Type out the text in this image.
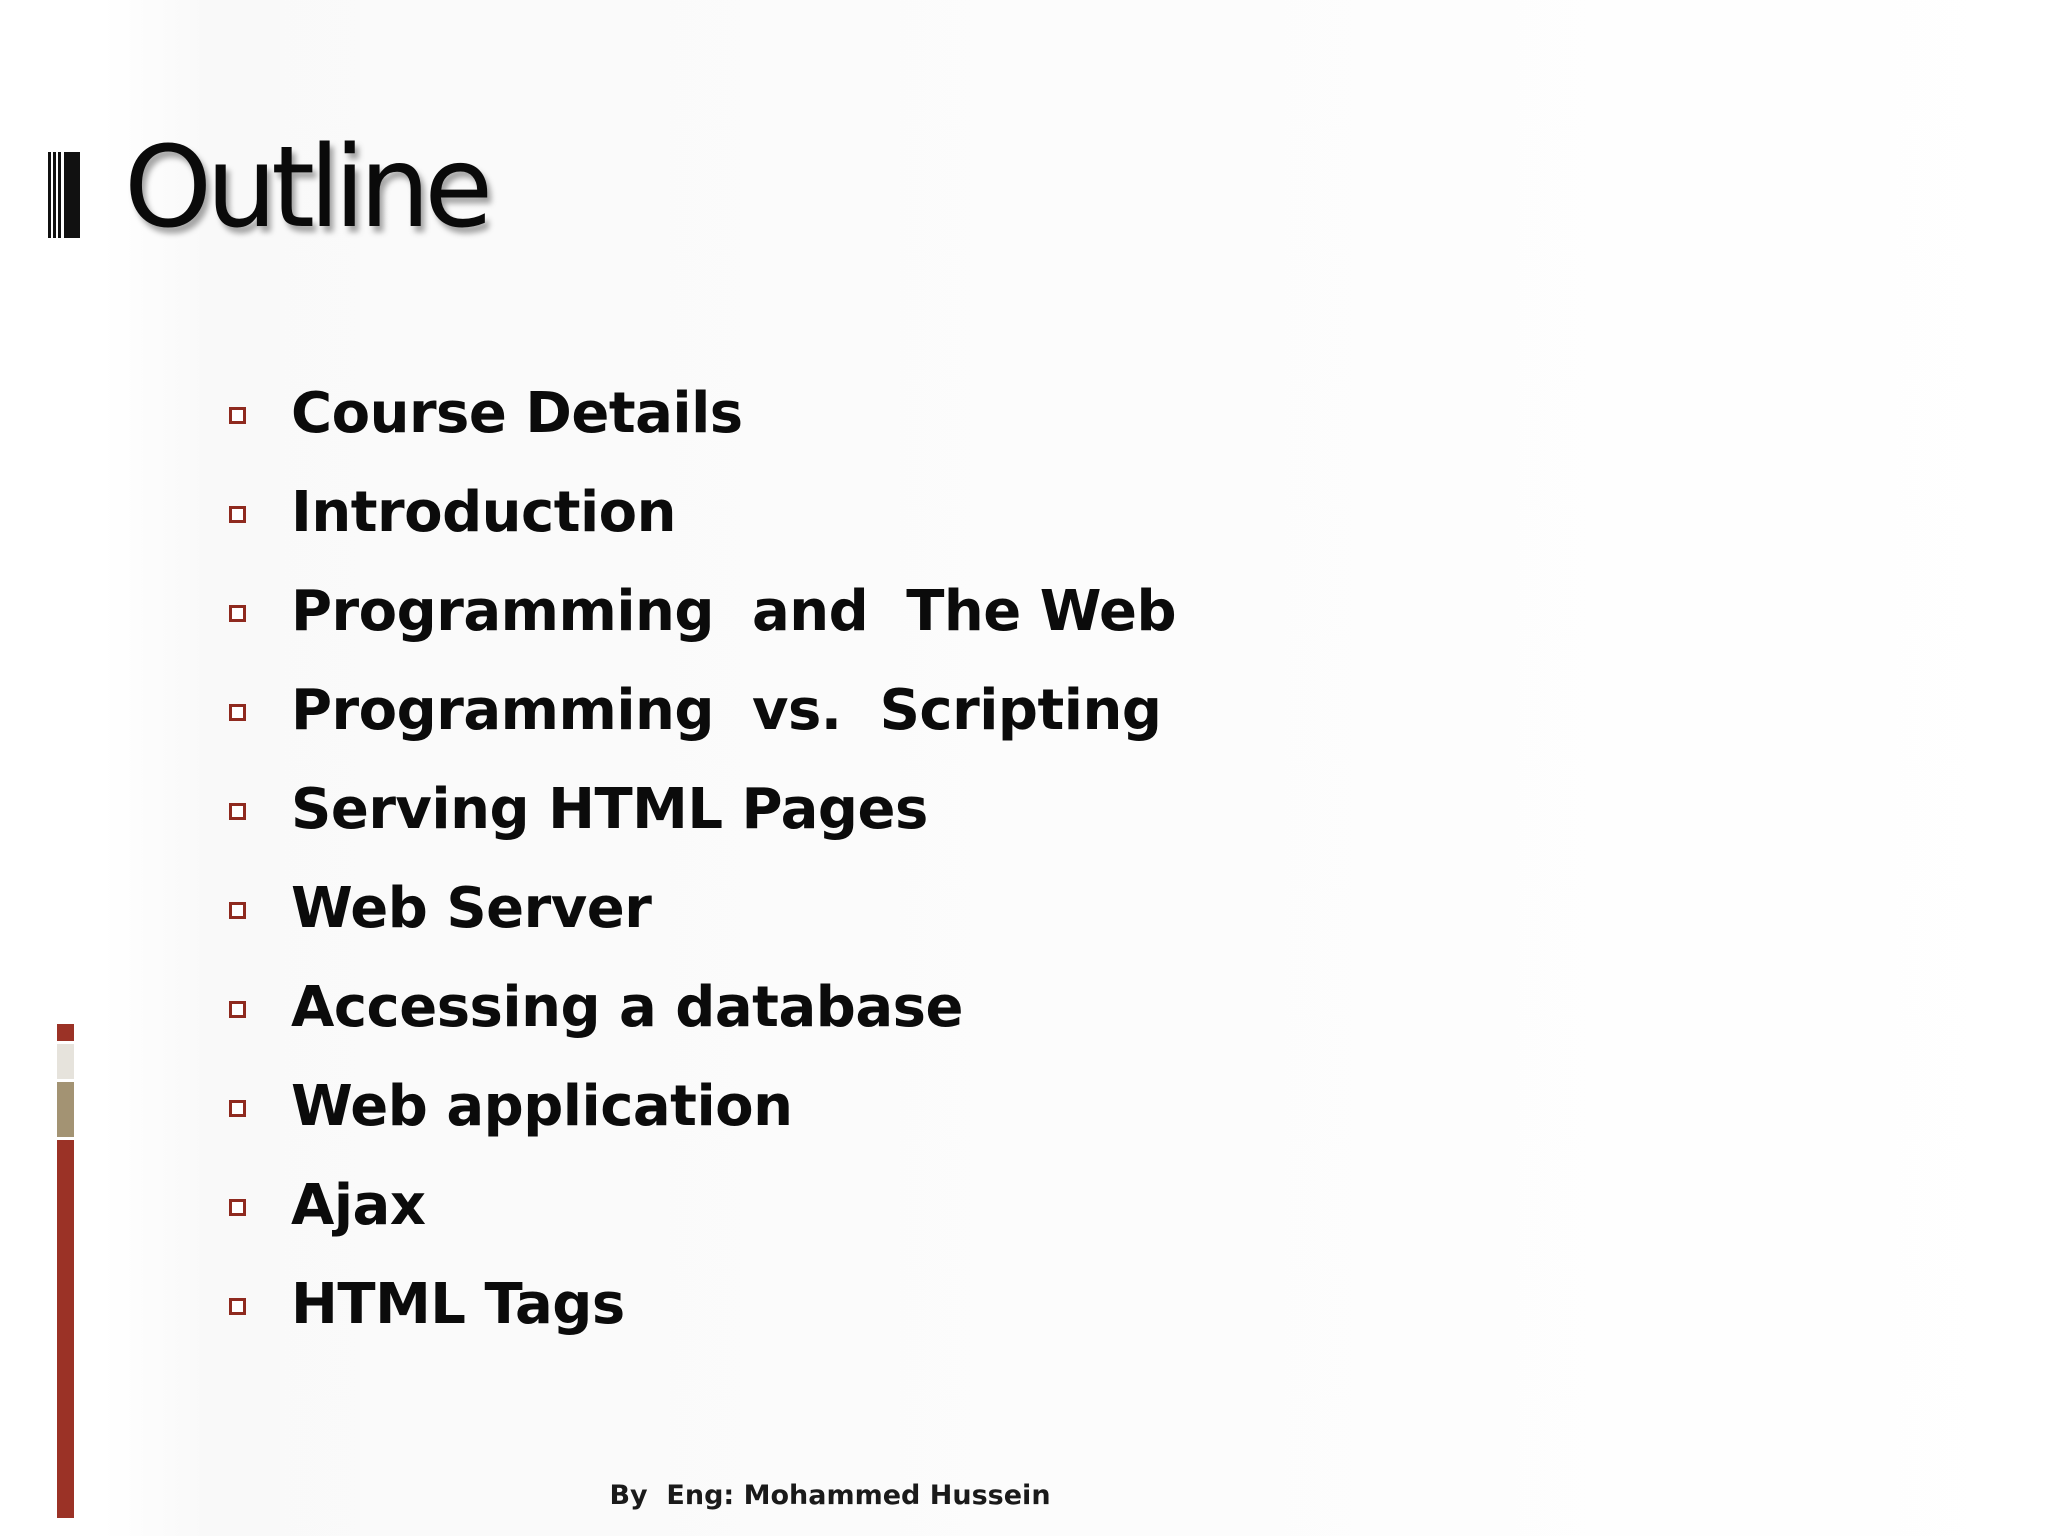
Outline
Course Details
Introduction
Programming  and  The Web
Programming  vs.  Scripting
Serving HTML Pages
Web Server
Accessing a database
Web application
Ajax
HTML Tags
By  Eng: Mohammed Hussein
